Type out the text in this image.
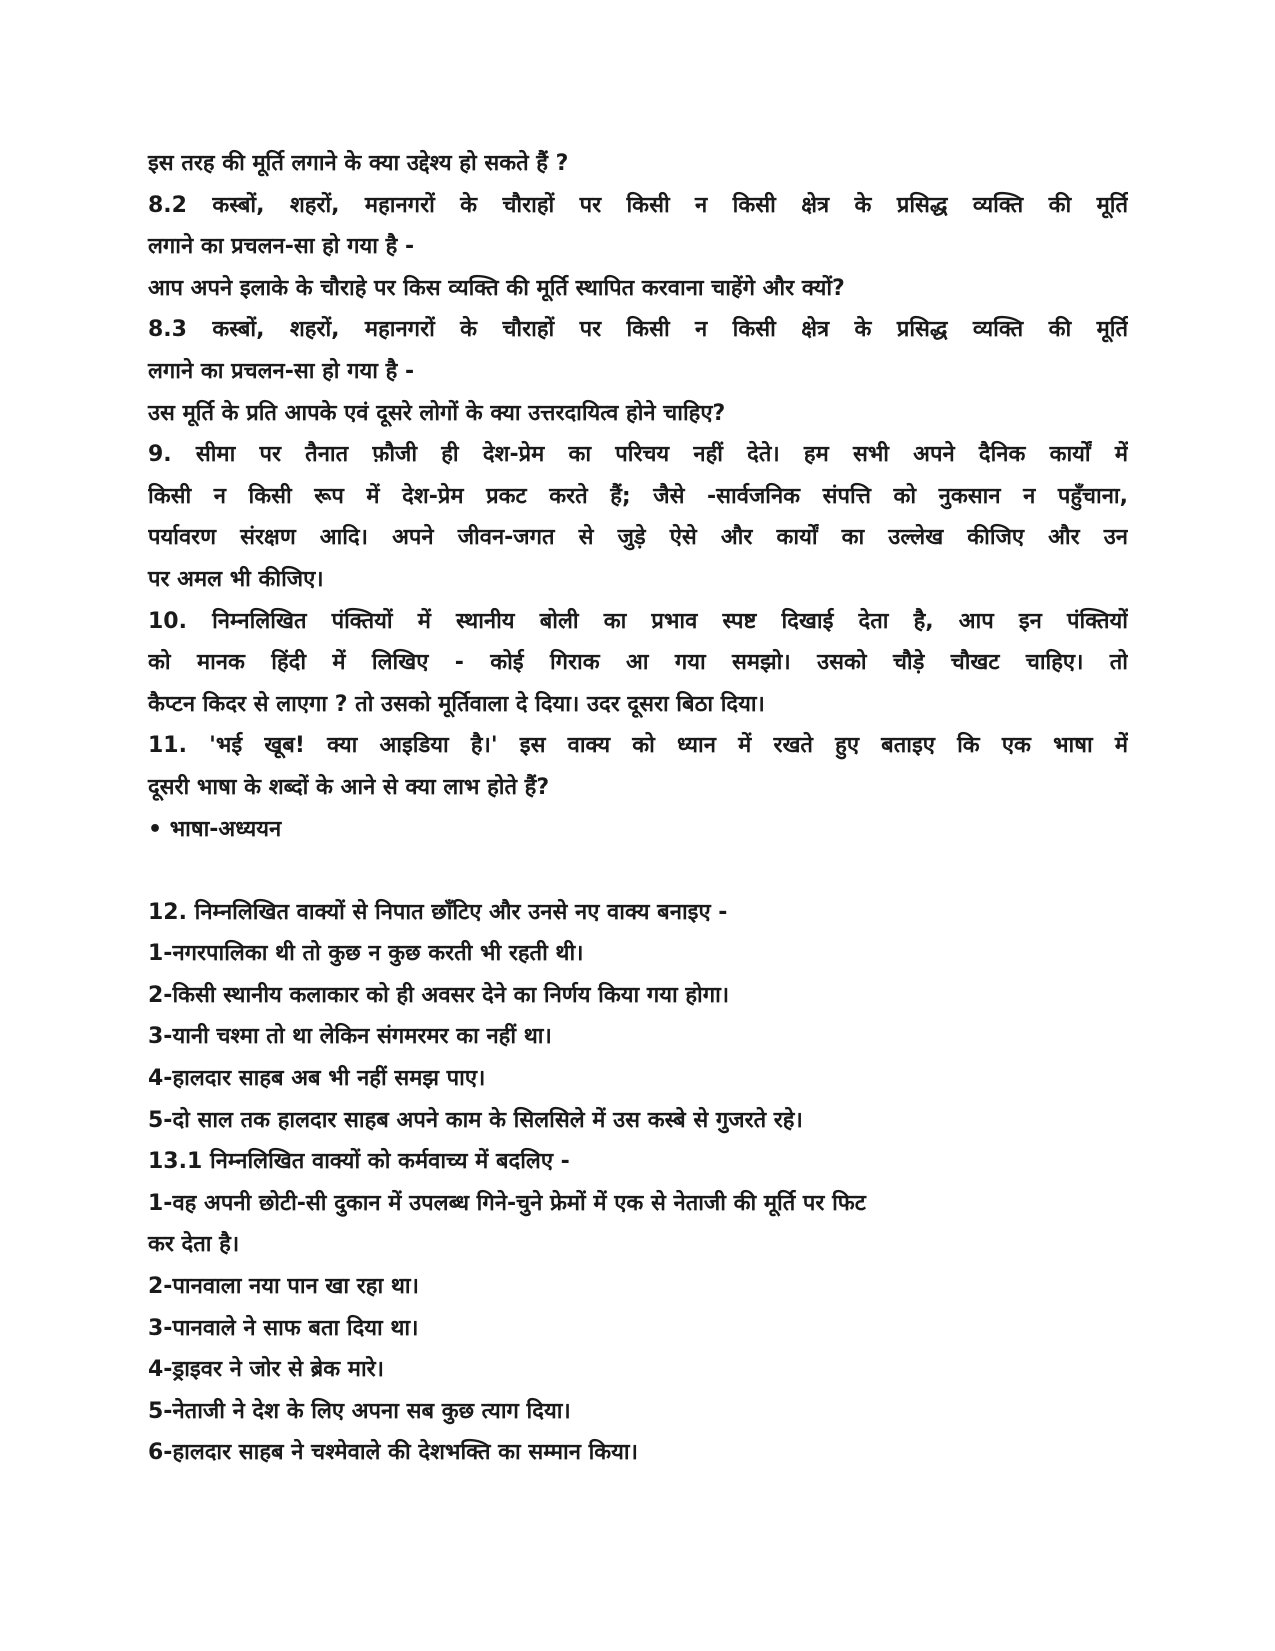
इस तरह की मूर्ति लगाने के क्या उद्देश्य हो सकते हैं ?
8.2 कस्बों, शहरों, महानगरों के चौराहों पर किसी न किसी क्षेत्र के प्रसिद्ध व्यक्ति की मूर्ति
लगाने का प्रचलन-सा हो गया है -
आप अपने इलाके के चौराहे पर किस व्यक्ति की मूर्ति स्थापित करवाना चाहेंगे और क्यों?
8.3 कस्बों, शहरों, महानगरों के चौराहों पर किसी न किसी क्षेत्र के प्रसिद्ध व्यक्ति की मूर्ति
लगाने का प्रचलन-सा हो गया है -
उस मूर्ति के प्रति आपके एवं दूसरे लोगों के क्या उत्तरदायित्व होने चाहिए?
9. सीमा पर तैनात फ़ौजी ही देश-प्रेम का परिचय नहीं देते। हम सभी अपने दैनिक कार्यों में
किसी न किसी रूप में देश-प्रेम प्रकट करते हैं; जैसे -सार्वजनिक संपत्ति को नुकसान न पहुँचाना,
पर्यावरण संरक्षण आदि। अपने जीवन-जगत से जुड़े ऐसे और कार्यों का उल्लेख कीजिए और उन
पर अमल भी कीजिए।
10. निम्नलिखित पंक्तियों में स्थानीय बोली का प्रभाव स्पष्ट दिखाई देता है, आप इन पंक्तियों
को मानक हिंदी में लिखिए - कोई गिराक आ गया समझो। उसको चौड़े चौखट चाहिए। तो
कैप्टन किदर से लाएगा ? तो उसको मूर्तिवाला दे दिया। उदर दूसरा बिठा दिया।
11. 'भई खूब! क्या आइडिया है।' इस वाक्य को ध्यान में रखते हुए बताइए कि एक भाषा में
दूसरी भाषा के शब्दों के आने से क्या लाभ होते हैं?
• भाषा-अध्ययन
12. निम्नलिखित वाक्यों से निपात छाँटिए और उनसे नए वाक्य बनाइए -
1-नगरपालिका थी तो कुछ न कुछ करती भी रहती थी।
2-किसी स्थानीय कलाकार को ही अवसर देने का निर्णय किया गया होगा।
3-यानी चश्मा तो था लेकिन संगमरमर का नहीं था।
4-हालदार साहब अब भी नहीं समझ पाए।
5-दो साल तक हालदार साहब अपने काम के सिलसिले में उस कस्बे से गुजरते रहे।
13.1 निम्नलिखित वाक्यों को कर्मवाच्य में बदलिए -
1-वह अपनी छोटी-सी दुकान में उपलब्ध गिने-चुने फ्रेमों में एक से नेताजी की मूर्ति पर फिट
कर देता है।
2-पानवाला नया पान खा रहा था।
3-पानवाले ने साफ बता दिया था।
4-ड्राइवर ने जोर से ब्रेक मारे।
5-नेताजी ने देश के लिए अपना सब कुछ त्याग दिया।
6-हालदार साहब ने चश्मेवाले की देशभक्ति का सम्मान किया।
